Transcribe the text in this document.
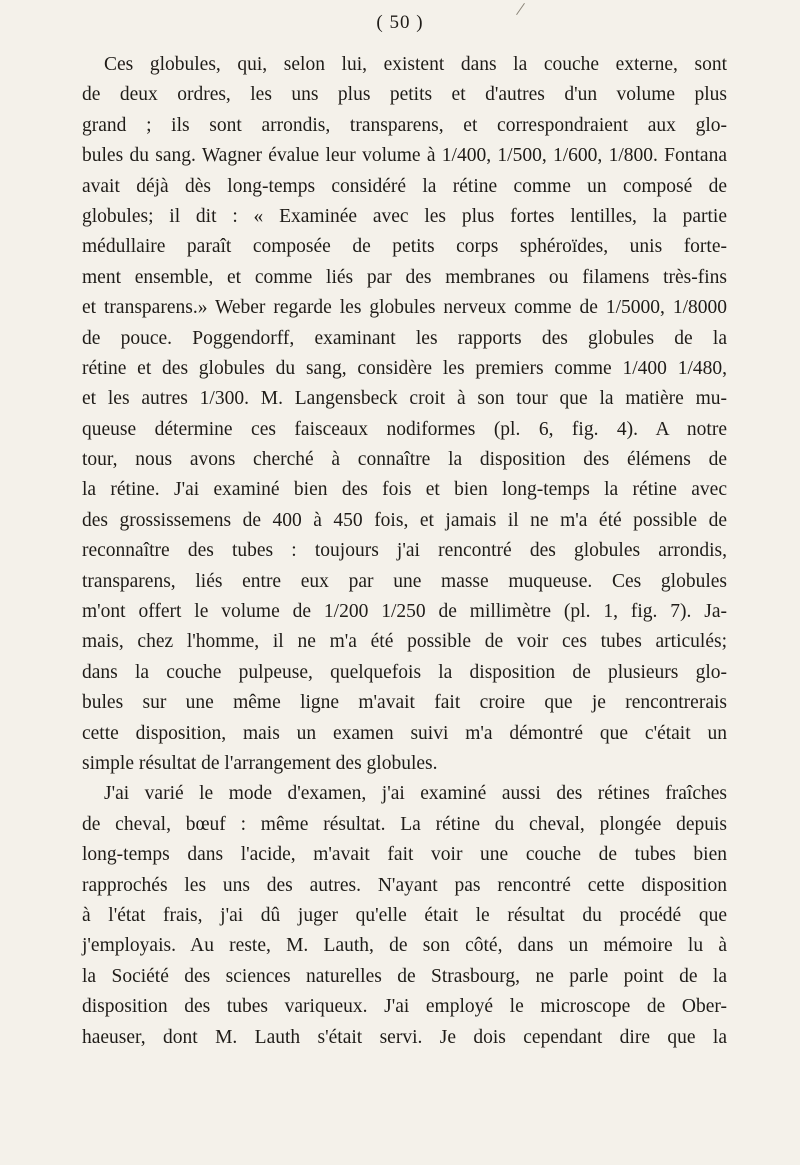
( 50 )
Ces globules, qui, selon lui, existent dans la couche externe, sont
de deux ordres, les uns plus petits et d'autres d'un volume plus
grand ; ils sont arrondis, transparens, et correspondraient aux glo-
bules du sang. Wagner évalue leur volume à 1/400, 1/500, 1/600, 1/800. Fontana
avait déjà dès long-temps considéré la rétine comme un composé de
globules; il dit : « Examinée avec les plus fortes lentilles, la partie
médullaire paraît composée de petits corps sphéroïdes, unis forte-
ment ensemble, et comme liés par des membranes ou filamens très-fins
et transparens.» Weber regarde les globules nerveux comme de 1/5000, 1/8000
de pouce. Poggendorff, examinant les rapports des globules de la
rétine et des globules du sang, considère les premiers comme 1/400 1/480,
et les autres 1/300. M. Langensbeck croit à son tour que la matière mu-
queuse détermine ces faisceaux nodiformes (pl. 6, fig. 4). A notre
tour, nous avons cherché à connaître la disposition des élémens de
la rétine. J'ai examiné bien des fois et bien long-temps la rétine avec
des grossissemens de 400 à 450 fois, et jamais il ne m'a été possible de
reconnaître des tubes : toujours j'ai rencontré des globules arrondis,
transparens, liés entre eux par une masse muqueuse. Ces globules
m'ont offert le volume de 1/200 1/250 de millimètre (pl. 1, fig. 7). Ja-
mais, chez l'homme, il ne m'a été possible de voir ces tubes articulés;
dans la couche pulpeuse, quelquefois la disposition de plusieurs glo-
bules sur une même ligne m'avait fait croire que je rencontrerais
cette disposition, mais un examen suivi m'a démontré que c'était un
simple résultat de l'arrangement des globules.
J'ai varié le mode d'examen, j'ai examiné aussi des rétines fraîches
de cheval, bœuf : même résultat. La rétine du cheval, plongée depuis
long-temps dans l'acide, m'avait fait voir une couche de tubes bien
rapprochés les uns des autres. N'ayant pas rencontré cette disposition
à l'état frais, j'ai dû juger qu'elle était le résultat du procédé que
j'employais. Au reste, M. Lauth, de son côté, dans un mémoire lu à
la Société des sciences naturelles de Strasbourg, ne parle point de la
disposition des tubes variqueux. J'ai employé le microscope de Ober-
haeuser, dont M. Lauth s'était servi. Je dois cependant dire que la
